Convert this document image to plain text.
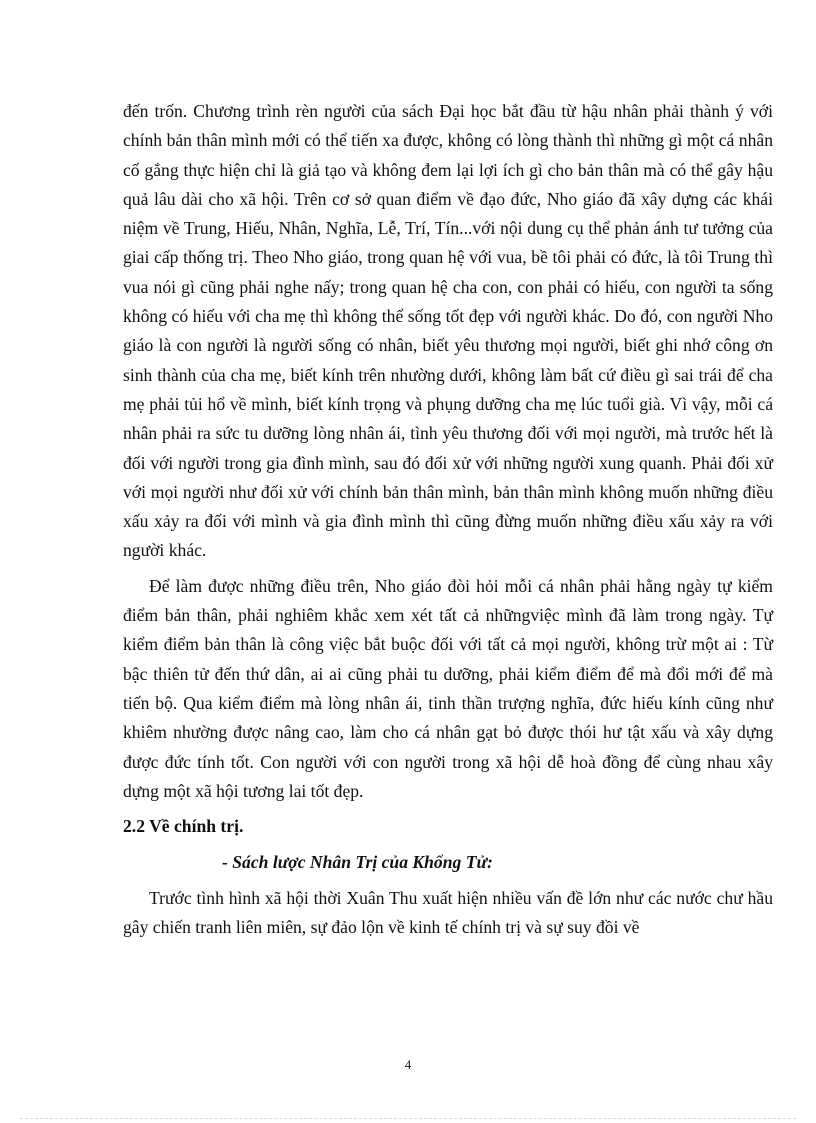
đến trốn. Chương trình rèn người của sách Đại học bắt đầu từ hậu nhân phải thành ý với chính bản thân mình mới có thể tiến xa được, không có lòng thành thì những gì một cá nhân cố gắng thực hiện chỉ là giả tạo và không đem lại lợi ích gì cho bản thân mà có thể gây hậu quả lâu dài cho xã hội. Trên cơ sở quan điểm về đạo đức, Nho giáo đã xây dựng các khái niệm về Trung, Hiếu, Nhân, Nghĩa, Lễ, Trí, Tín...với nội dung cụ thể phản ánh tư tưởng của giai cấp thống trị. Theo Nho giáo, trong quan hệ với vua, bề tôi phải có đức, là tôi Trung thì vua nói gì cũng phải nghe nấy; trong quan hệ cha con, con phải có hiếu, con người ta sống không có hiếu với cha mẹ thì không thể sống tốt đẹp với người khác. Do đó, con người Nho giáo là con người là người sống có nhân, biết yêu thương mọi người, biết ghi nhớ công ơn sinh thành của cha mẹ, biết kính trên nhường dưới, không làm bất cứ điều gì sai trái để cha mẹ phải tủi hổ về mình, biết kính trọng và phụng dưỡng cha mẹ lúc tuổi già. Vì vậy, mỗi cá nhân phải ra sức tu dưỡng lòng nhân ái, tình yêu thương đối với mọi người, mà trước hết là đối với người trong gia đình mình, sau đó đối xử với những người xung quanh. Phải đối xử với mọi người như đối xử với chính bản thân mình, bản thân mình không muốn những điều xấu xảy ra đối với mình và gia đình mình thì cũng đừng muốn những điều xấu xảy ra với người khác.

Để làm được những điều trên, Nho giáo đòi hỏi mỗi cá nhân phải hằng ngày tự kiểm điểm bản thân, phải nghiêm khắc xem xét tất cả nhữngviệc mình đã làm trong ngày. Tự kiểm điểm bản thân là công việc bắt buộc đối với tất cả mọi người, không trừ một ai : Từ bậc thiên tử đến thứ dân, ai ai cũng phải tu dưỡng, phải kiểm điểm để mà đổi mới để mà tiến bộ. Qua kiểm điểm mà lòng nhân ái, tinh thần trượng nghĩa, đức hiếu kính cũng như khiêm nhường được nâng cao, làm cho cá nhân gạt bỏ được thói hư tật xấu và xây dựng được đức tính tốt. Con người với con người trong xã hội dễ hoà đồng để cùng nhau xây dựng một xã hội tương lai tốt đẹp.

2.2 Về chính trị.
- Sách lược Nhân Trị của Khổng Tử:

Trước tình hình xã hội thời Xuân Thu xuất hiện nhiều vấn đề lớn như các nước chư hầu gây chiến tranh liên miên, sự đảo lộn về kinh tế chính trị và sự suy đồi về

4
